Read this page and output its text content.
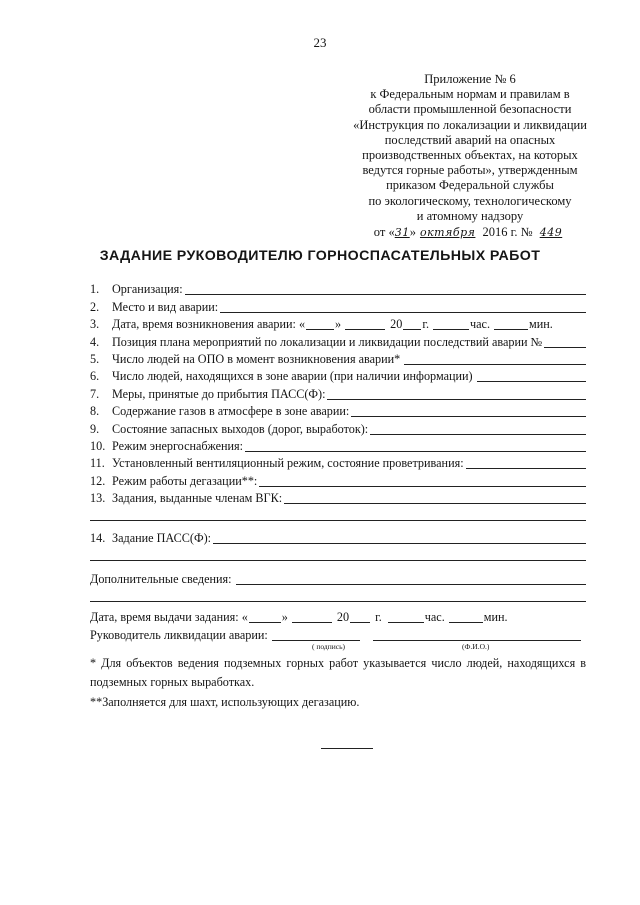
23
Приложение № 6
к Федеральным нормам и правилам в
области промышленной безопасности
«Инструкция по локализации и ликвидации
последствий аварий на опасных
производственных объектах, на которых
ведутся горные работы», утвержденным
приказом Федеральной службы
по экологическому, технологическому
и атомному надзору
от «31» октября 2016 г. № 449
ЗАДАНИЕ РУКОВОДИТЕЛЮ ГОРНОСПАСАТЕЛЬНЫХ РАБОТ
1.	Организация:
2.	Место и вид аварии:
3.	Дата, время возникновения аварии: « »	20 г.	час.	мин.
4.	Позиция плана мероприятий по локализации и ликвидации последствий аварии №
5.	Число людей на ОПО в момент возникновения аварии*
6.	Число людей, находящихся в зоне аварии (при наличии информации)
7.	Меры, принятые до прибытия ПАСС(Ф):
8.	Содержание газов в атмосфере в зоне аварии:
9.	Состояние запасных выходов (дорог, выработок):
10. Режим энергоснабжения:
11. Установленный вентиляционный режим, состояние проветривания:
12. Режим работы дегазации**:
13. Задания, выданные членам ВГК:
14. Задание ПАСС(Ф):
Дополнительные сведения:
Дата, время выдачи задания: «	»	20 г.	час.	мин.
Руководитель ликвидации аварии:
( подпись)	(Ф.И.О.)
* Для объектов ведения подземных горных работ указывается число людей, находящихся в подземных горных выработках.
**Заполняется для шахт, использующих дегазацию.
